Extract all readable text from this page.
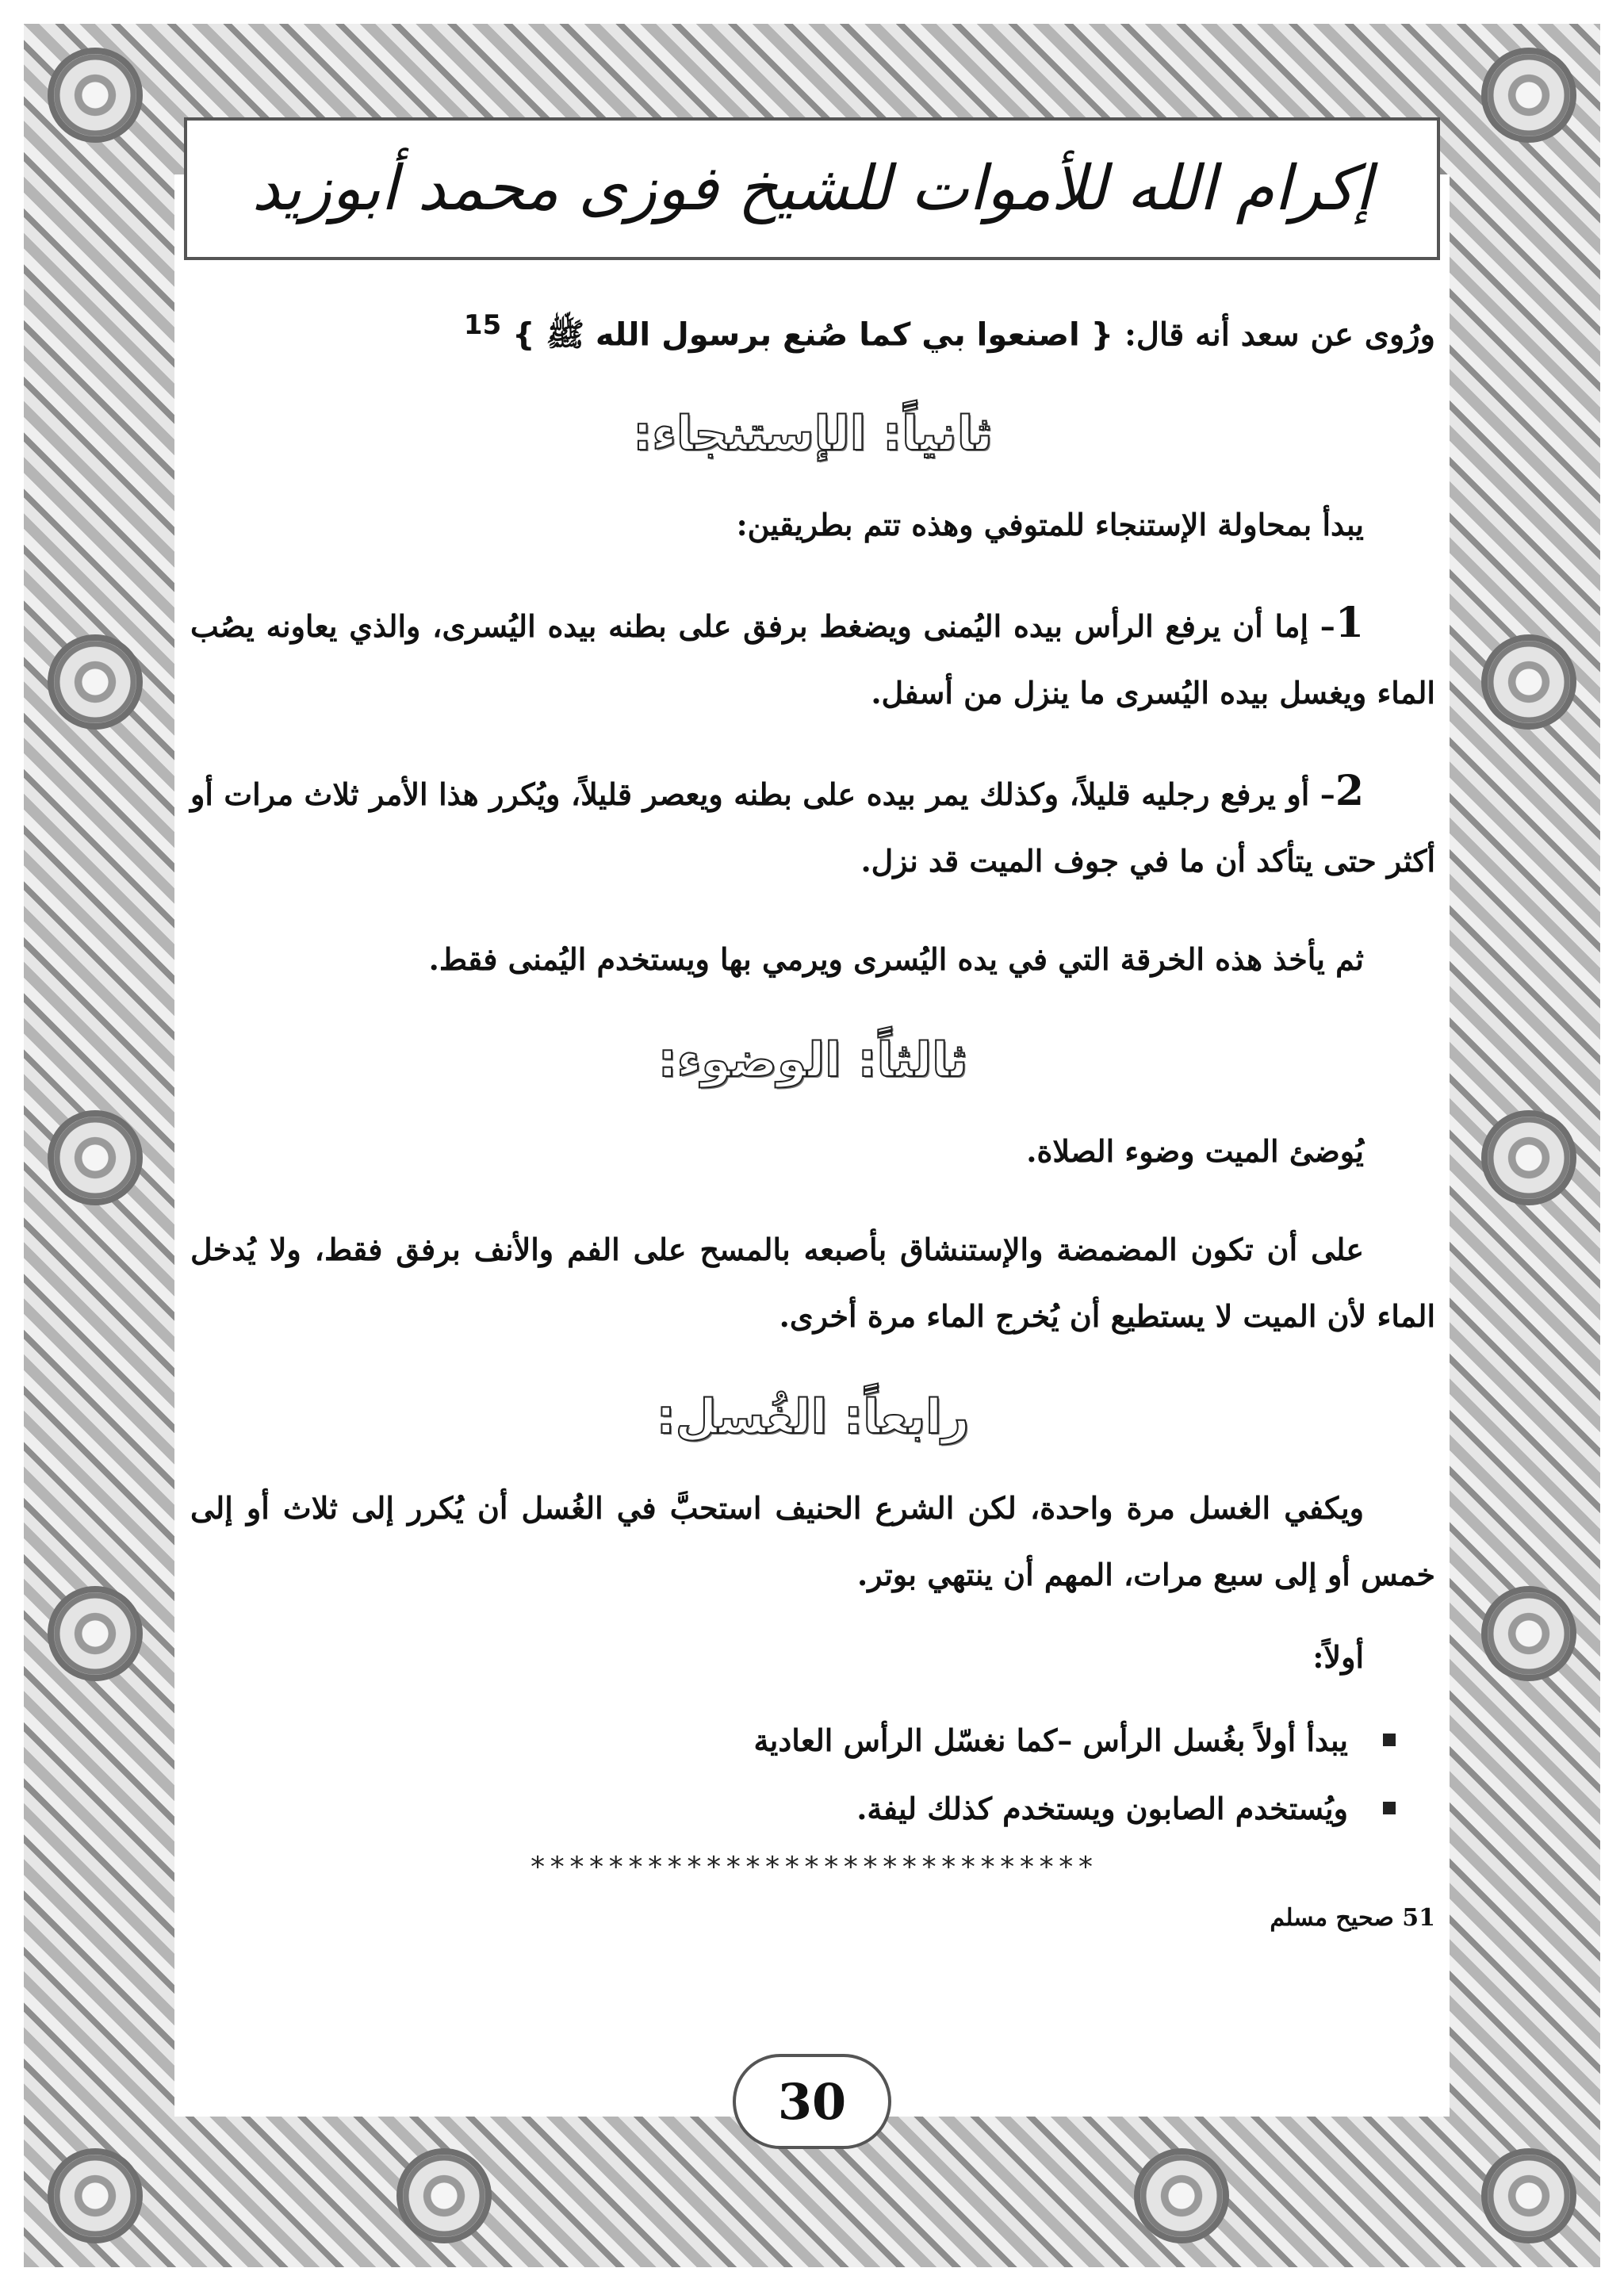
إكرام الله للأموات للشيخ فوزى محمد أبوزيد

ورُوى عن سعد أنه قال: { اصنعوا بي كما صُنع برسول الله ﷺ } $^{15}$

ثانياً: الإستنجاء:

يبدأ بمحاولة الإستنجاء للمتوفي وهذه تتم بطريقين:

1– إما أن يرفع الرأس بيده اليُمنى ويضغط برفق على بطنه بيده اليُسرى، والذي يعاونه يصُب الماء ويغسل بيده اليُسرى ما ينزل من أسفل.

2– أو يرفع رجليه قليلاً، وكذلك يمر بيده على بطنه ويعصر قليلاً، ويُكرر هذا الأمر ثلاث مرات أو أكثر حتى يتأكد أن ما في جوف الميت قد نزل.

ثم يأخذ هذه الخرقة التي في يده اليُسرى ويرمي بها ويستخدم اليُمنى فقط.

ثالثاً: الوضوء:

يُوضئ الميت وضوء الصلاة.

على أن تكون المضمضة والإستنشاق بأصبعه بالمسح على الفم والأنف برفق فقط، ولا يُدخل الماء لأن الميت لا يستطيع أن يُخرج الماء مرة أخرى.

رابعاً: الغُسل:

ويكفي الغسل مرة واحدة، لكن الشرع الحنيف استحبَّ في الغُسل أن يُكرر إلى ثلاث أو إلى خمس أو إلى سبع مرات، المهم أن ينتهي بوتر.

أولاً:

يبدأ أولاً بغُسل الرأس –كما نغسّل الرأس العادية
ويُستخدم الصابون ويستخدم كذلك ليفة.
*****************************

51 صحيح مسلم

30
